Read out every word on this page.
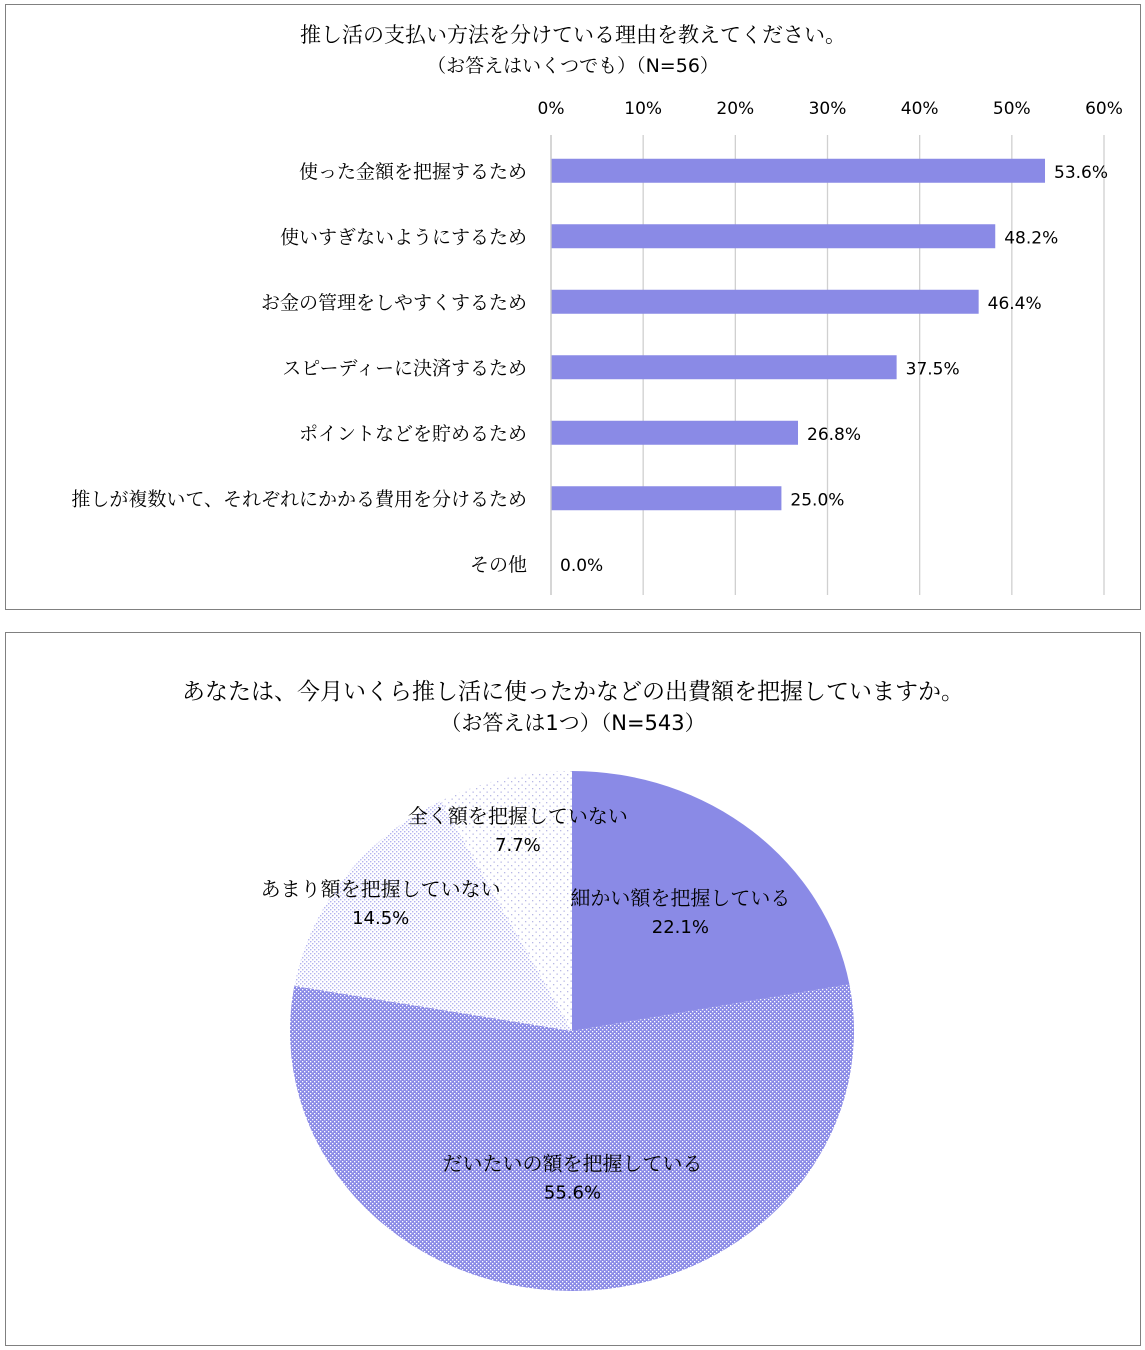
推し活の支払い方法を分けている理由を教えてください。
（お答えはいくつでも）（N=56）
0%	10%	20%	30%	40%	50%	60%
使った金額を把握するため	53.6%
使いすぎないようにするため	48.2%
お金の管理をしやすくするため	46.4%
スピーディーに決済するため	37.5%
ポイントなどを貯めるため	26.8%
推しが複数いて、それぞれにかかる費用を分けるため	25.0%
その他 0.0%
あなたは、今月いくら推し活に使ったかなどの出費額を把握していますか。
（お答えは1つ）（N=543）
細かい額を把握している
22.1%
だいたいの額を把握している
55.6%
あまり額を把握していない
14.5%
全く額を把握していない
7.7%
